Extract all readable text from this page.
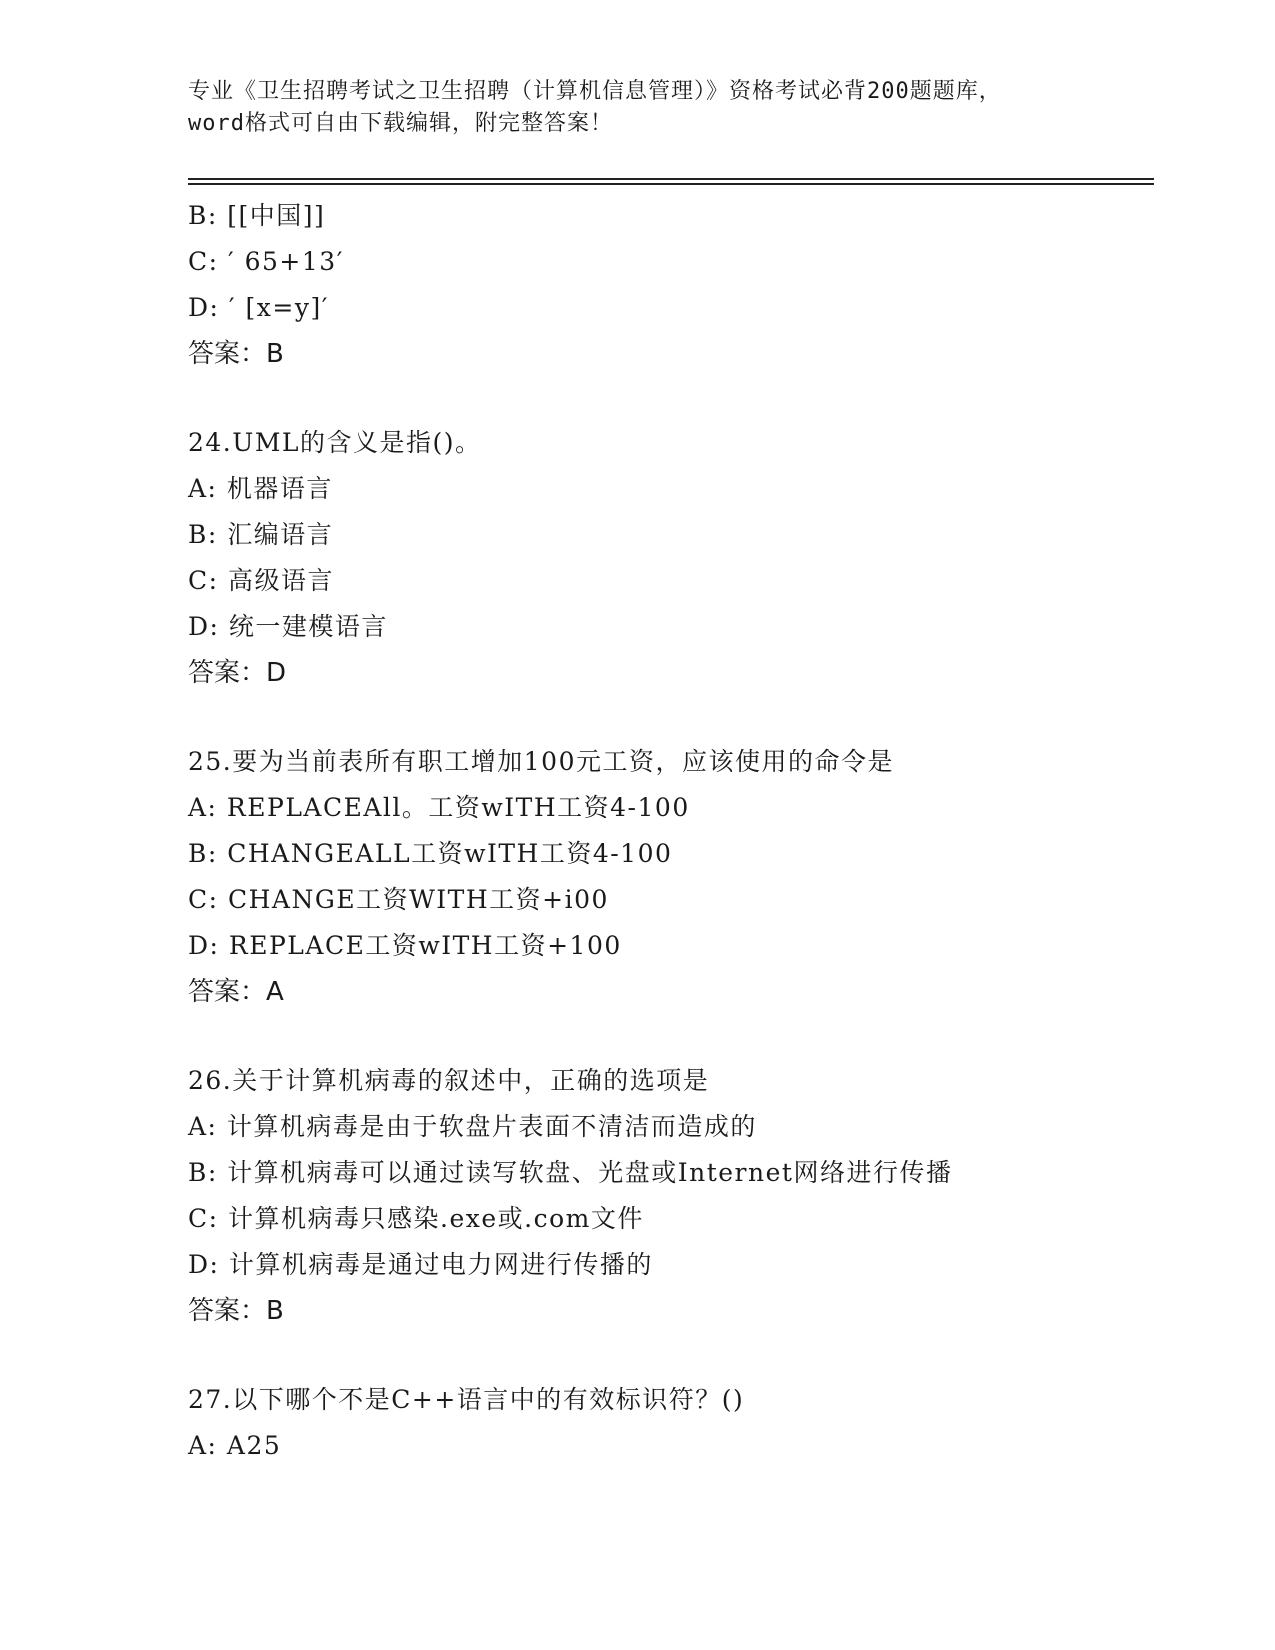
专业《卫生招聘考试之卫生招聘（计算机信息管理）》资格考试必背200题题库，
word格式可自由下载编辑，附完整答案！
B: [[中国]]
C: ′ 65+13′
D: ′ [x=y]′
答案：B
24.UML的含义是指()。
A: 机器语言
B: 汇编语言
C: 高级语言
D: 统一建模语言
答案：D
25.要为当前表所有职工增加100元工资，应该使用的命令是
A: REPLACEAll。工资wITH工资4-100
B: CHANGEALL工资wITH工资4-100
C: CHANGE工资WITH工资+i00
D: REPLACE工资wITH工资+100
答案：A
26.关于计算机病毒的叙述中，正确的选项是
A: 计算机病毒是由于软盘片表面不清洁而造成的
B: 计算机病毒可以通过读写软盘、光盘或Internet网络进行传播
C: 计算机病毒只感染.exe或.com文件
D: 计算机病毒是通过电力网进行传播的
答案：B
27.以下哪个不是C++语言中的有效标识符？()
A: A25
